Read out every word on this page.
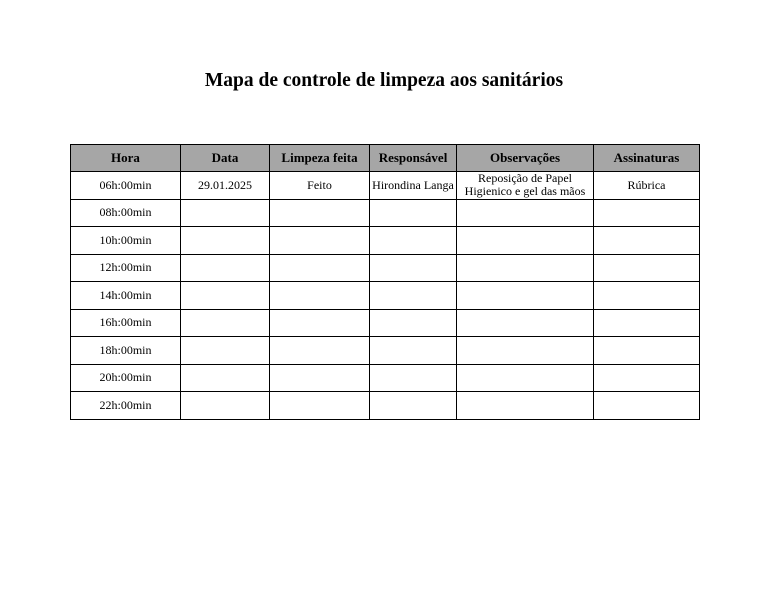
Mapa de controle de limpeza aos sanitários
Hora	Data	Limpeza feita	Responsável	Observações	Assinaturas
06h:00min	29.01.2025	Feito	Hirondina Langa	Reposição de Papel Higienico e gel das mãos	Rúbrica
08h:00min					
10h:00min					
12h:00min					
14h:00min					
16h:00min					
18h:00min					
20h:00min					
22h:00min					
